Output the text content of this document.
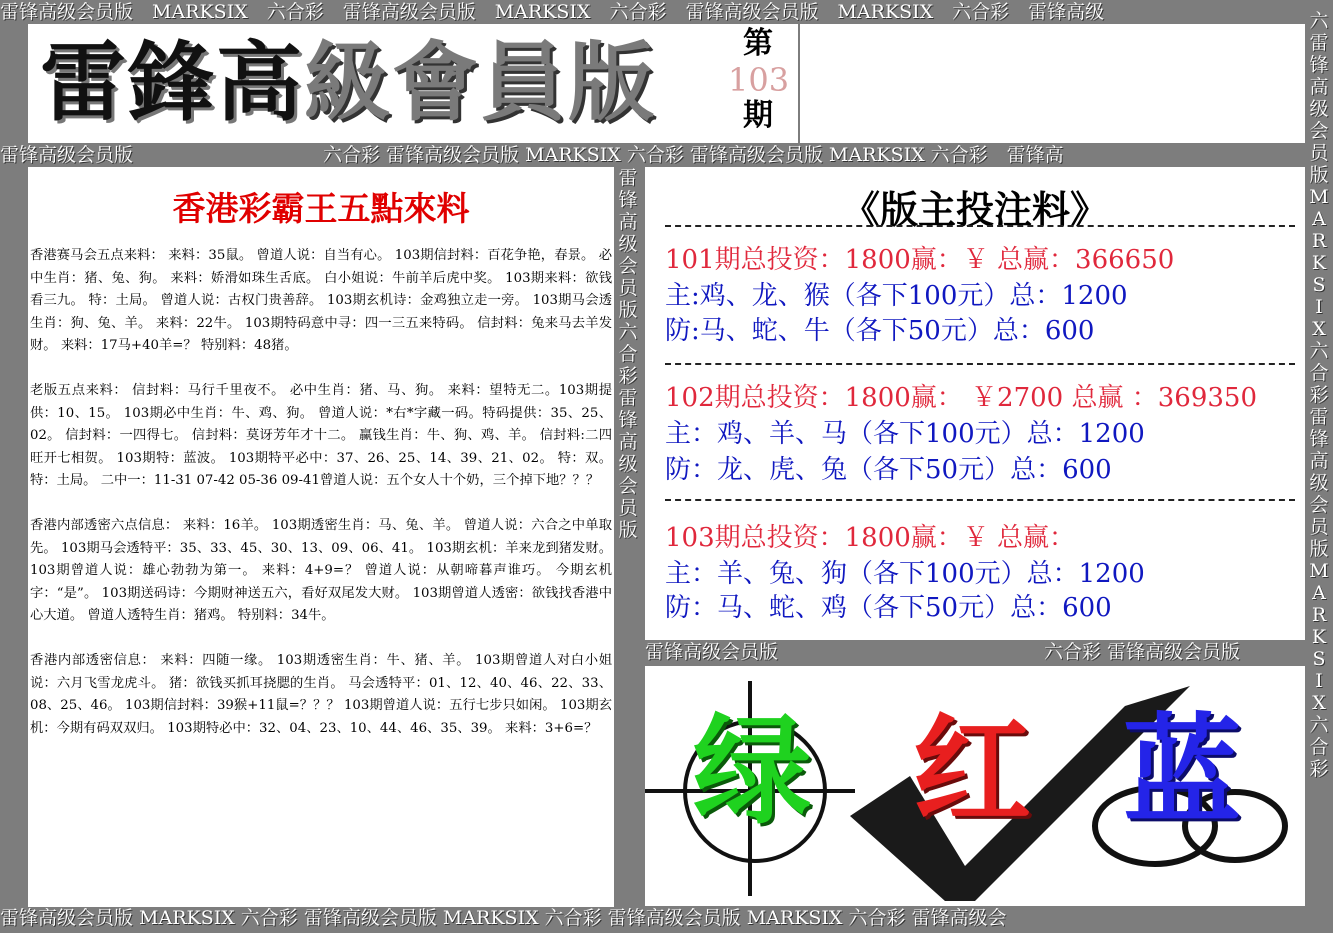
雷锋高级会员版　MARKSIX　六合彩　雷锋高级会员版　MARKSIX　六合彩　雷锋高级会员版　MARKSIX　六合彩　雷锋高级
雷锋高级会员版　　　　　　　　　　六合彩 雷锋高级会员版 MARKSIX 六合彩 雷锋高级会员版 MARKSIX 六合彩　雷锋高
雷锋高级会员版 MARKSIX 六合彩 雷锋高级会员版 MARKSIX 六合彩 雷锋高级会员版 MARKSIX 六合彩 雷锋高级会
雷鋒高級會員版	第
103
期
香港彩霸王五點來料
香港赛马会五点来料： 来料：35鼠。 曾道人说：自当有心。 103期信封料：百花争艳，春景。 必中生肖：猪、兔、狗。 来料：娇滑如珠生舌底。 白小姐说：牛前羊后虎中奖。 103期来料：欲钱看三九。 特：土局。 曾道人说：古权门贵善辞。 103期玄机诗：金鸡独立走一旁。 103期马会透生肖：狗、兔、羊。 来料：22牛。 103期特码意中寻：四一三五来特码。 信封料：兔来马去羊发财。 来料：17马+40羊=？ 特别料：48猪。
老版五点来料： 信封料：马行千里夜不。 必中生肖：猪、马、狗。 来料：望特无二。103期提供：10、15。 103期必中生肖：牛、鸡、狗。 曾道人说：*右*字藏一码。特码提供：35、25、02。 信封料：一四得七。 信封料：莫讶芳年才十二。 赢钱生肖：牛、狗、鸡、羊。 信封料:二四旺开七相贺。 103期特：蓝波。 103期特平必中：37、26、25、14、39、21、02。 特：双。 特：土局。 二中一：11-31 07-42 05-36 09-41曾道人说：五个女人十个奶，三个掉下地？？？
香港内部透密六点信息： 来料：16羊。 103期透密生肖：马、兔、羊。 曾道人说：六合之中单取先。 103期马会透特平：35、33、45、30、13、09、06、41。 103期玄机：羊来龙到猪发财。 103期曾道人说：雄心勃勃为第一。 来料：4+9=？ 曾道人说：从朝啼暮声谁巧。 今期玄机字：“是”。 103期送码诗：今期财神送五六，看好双尾发大财。 103期曾道人透密：欲钱找香港中心大道。 曾道人透特生肖：猪鸡。 特别料：34牛。
香港内部透密信息： 来料：四随一缘。 103期透密生肖：牛、猪、羊。 103期曾道人对白小姐说：六月飞雪龙虎斗。 猪：欲钱买抓耳挠腮的生肖。 马会透特平：01、12、40、46、22、33、08、25、46。 103期信封料：39猴+11鼠=？？？ 103期曾道人说：五行七步只如闲。 103期玄机：今期有码双双归。 103期特必中：32、04、23、10、44、46、35、39。 来料：3+6=？
雷
锋
高
级
会
员
版
六
合
彩
雷
锋
高
级
会
员
版
六
雷
锋
高
级
会
员
版
M
A
R
K
S
I
X
六
合
彩
雷
锋
高
级
会
员
版
M
A
R
K
S
I
X
六
合
彩
《版主投注料》
101期总投资：1800赢：￥ 总赢：366650
主:鸡、龙、猴（各下100元）总：1200
防:马、蛇、牛（各下50元）总：600
102期总投资：1800赢： ￥2700 总赢 ：369350
主：鸡、羊、马（各下100元）总：1200
防：龙、虎、兔（各下50元）总：600
103期总投资：1800赢：￥ 总赢：
主：羊、兔、狗（各下100元）总：1200
防：马、蛇、鸡（各下50元）总：600
雷锋高级会员版　　　　　　　　　　　　　　六合彩 雷锋高级会员版
绿 红 蓝
